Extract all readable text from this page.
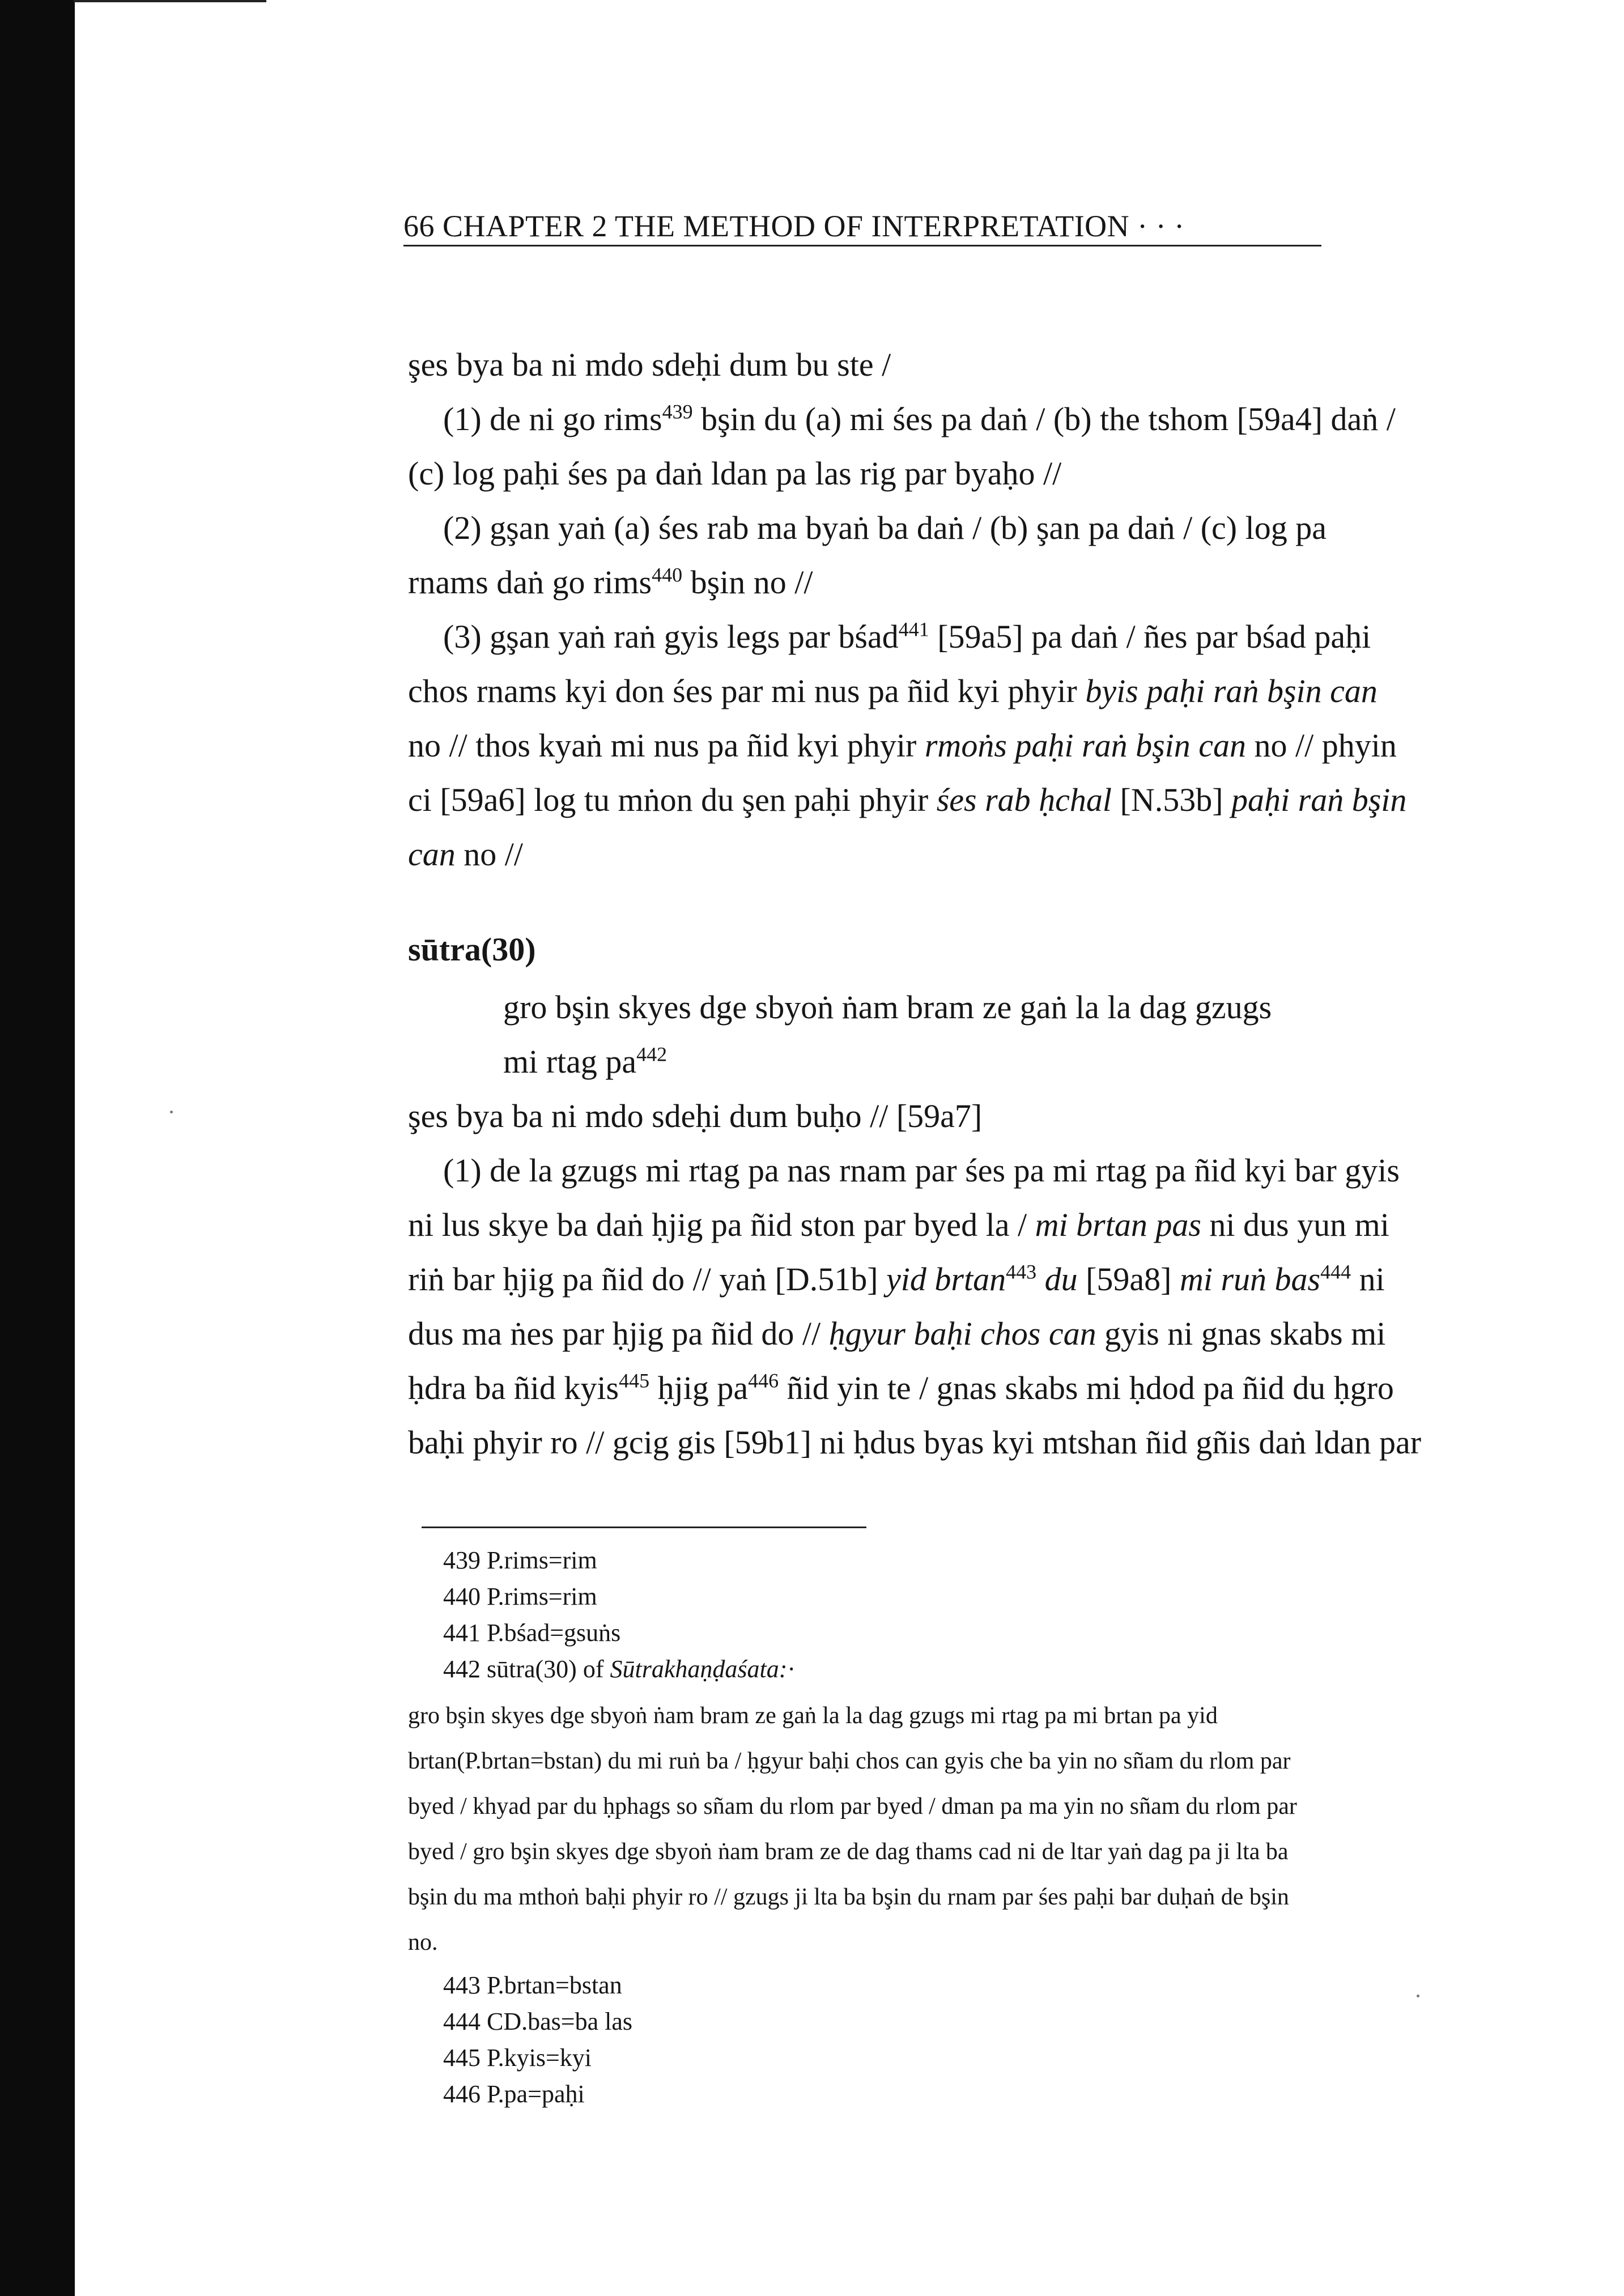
66 CHAPTER 2 THE METHOD OF INTERPRETATION · · ·
şes bya ba ni mdo sdeḥi dum bu ste /
(1) de ni go rims$^{439}$ bşin du (a) mi śes pa daṅ / (b) the tshom [59a4] daṅ /
(c) log paḥi śes pa daṅ ldan pa las rig par byaḥo //
(2) gşan yaṅ (a) śes rab ma byaṅ ba daṅ / (b) şan pa daṅ / (c) log pa
rnams daṅ go rims$^{440}$ bşin no //
(3) gşan yaṅ raṅ gyis legs par bśad$^{441}$ [59a5] pa daṅ / ñes par bśad paḥi
chos rnams kyi don śes par mi nus pa ñid kyi phyir byis paḥi raṅ bşin can
no // thos kyaṅ mi nus pa ñid kyi phyir rmoṅs paḥi raṅ bşin can no // phyin
ci [59a6] log tu mṅon du şen paḥi phyir śes rab ḥchal [N.53b] paḥi raṅ bşin
can no //
sūtra(30)
gro bşin skyes dge sbyoṅ ṅam bram ze gaṅ la la dag gzugs
mi rtag $pa^{442}$
şes bya ba ni mdo sdeḥi dum buḥo // [59a7]
(1) de la gzugs mi rtag pa nas rnam par śes pa mi rtag pa ñid kyi bar gyis
ni lus skye ba daṅ ḥjig pa ñid ston par byed la / mi brtan pas ni dus yun mi
riṅ bar ḥjig pa ñid do // yaṅ [D.51b] yid brtan$^{443}$ du [59a8] mi ruṅ bas$^{444}$ ni
dus ma ṅes par ḥjig pa ñid do // ḥgyur baḥi chos can gyis ni gnas skabs mi
ḥdra ba ñid kyis$^{445}$ ḥjig $pa^{446}$ ñid yin te / gnas skabs mi ḥdod pa ñid du ḥgro
baḥi phyir ro // gcig gis [59b1] ni ḥdus byas kyi mtshan ñid gñis daṅ ldan par
439 P.rims=rim
440 P.rims=rim
441 P.bśad=gsuṅs
442 sūtra(30) of Sūtrakhaṇḍaśata:·
gro bşin skyes dge sbyoṅ ṅam bram ze gaṅ la la dag gzugs mi rtag pa mi brtan pa yid
brtan(P.brtan=bstan) du mi ruṅ ba / ḥgyur baḥi chos can gyis che ba yin no sñam du rlom par
byed / khyad par du ḥphags so sñam du rlom par byed / dman pa ma yin no sñam du rlom par
byed / gro bşin skyes dge sbyoṅ ṅam bram ze de dag thams cad ni de ltar yaṅ dag pa ji lta ba
bşin du ma mthoṅ baḥi phyir ro // gzugs ji lta ba bşin du rnam par śes paḥi bar duḥaṅ de bşin
no.
443 P.brtan=bstan
444 CD.bas=ba las
445 P.kyis=kyi
446 P.pa=paḥi
